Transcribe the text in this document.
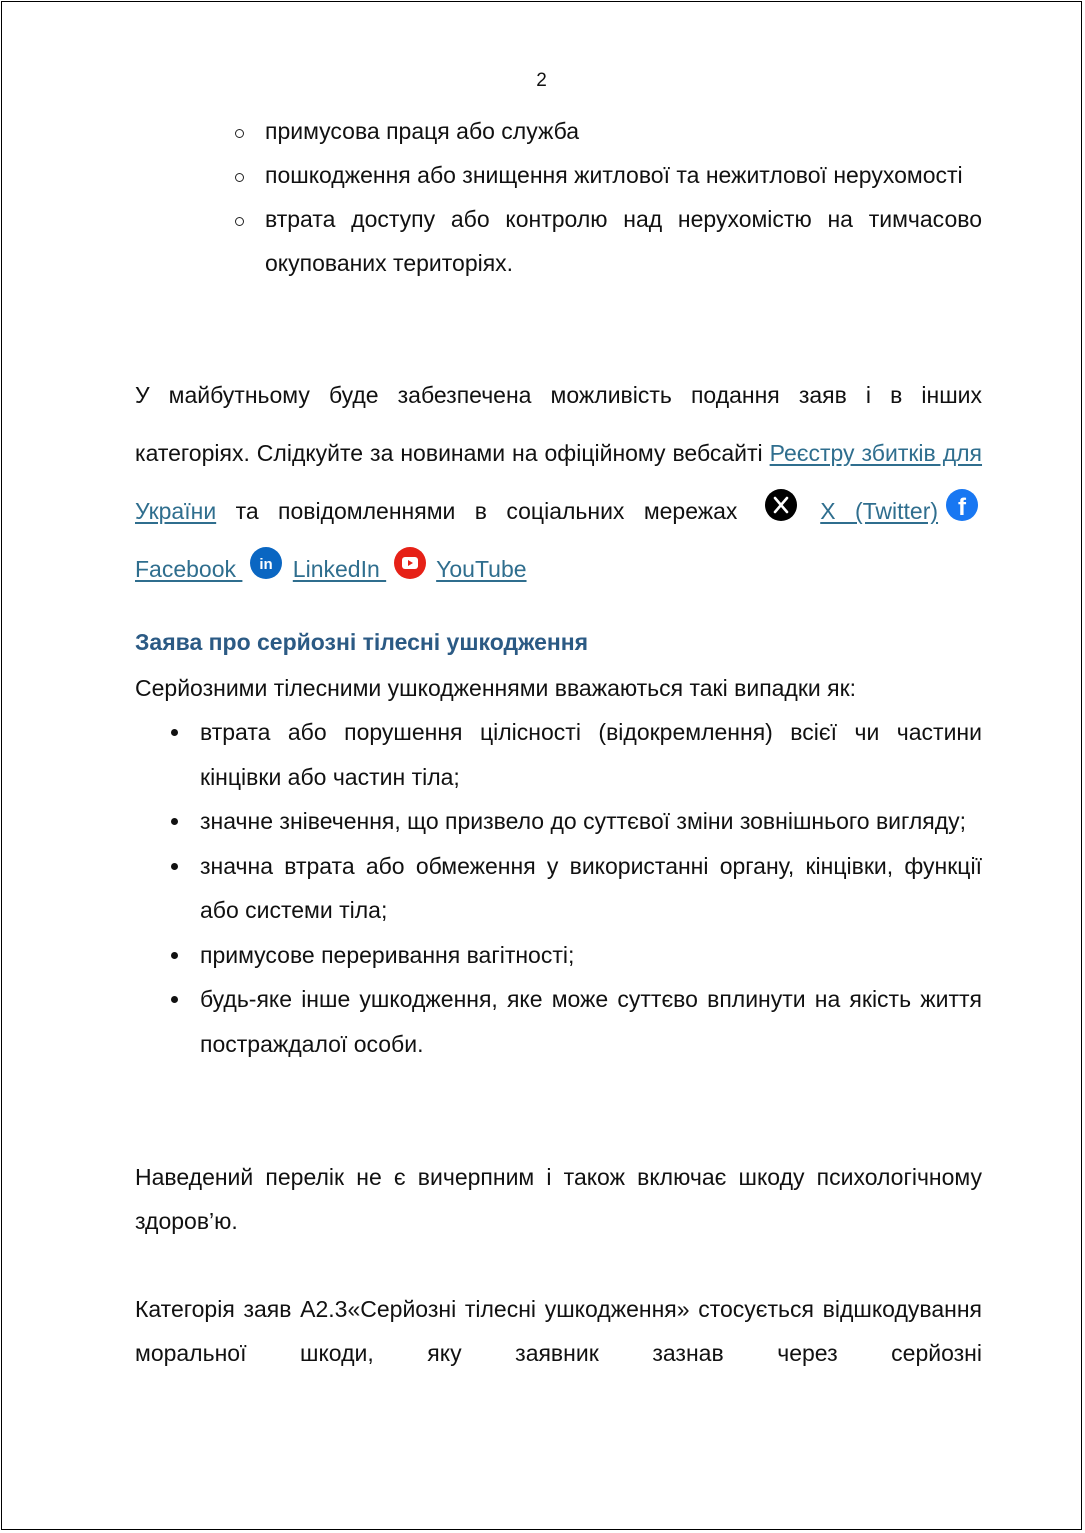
2
примусова праця або служба
пошкодження або знищення житлової та нежитлової нерухомості
втрата доступу або контролю над нерухомістю на тимчасово окупованих територіях.
У майбутньому буде забезпечена можливість подання заяв і в інших категоріях. Слідкуйте за новинами на офіційному вебсайті Реєстру збитків для України та повідомленнями в соціальних мережах	X (Twitter) f
Facebook in LinkedIn
YouTube
Заява про серйозні тілесні ушкодження
Серйозними тілесними ушкодженнями вважаються такі випадки як:
втрата або порушення цілісності (відокремлення) всієї чи частини кінцівки або частин тіла;
значне знівечення, що призвело до суттєвої зміни зовнішнього вигляду;
значна втрата або обмеження у використанні органу, кінцівки, функції або системи тіла;
примусове переривання вагітності;
будь-яке інше ушкодження, яке може суттєво вплинути на якість життя постраждалої особи.
Наведений перелік не є вичерпним і також включає шкоду психологічному здоров’ю.
Категорія заяв А2.3«Серйозні тілесні ушкодження» стосується відшкодування моральної шкоди, яку заявник зазнав через серйозні
